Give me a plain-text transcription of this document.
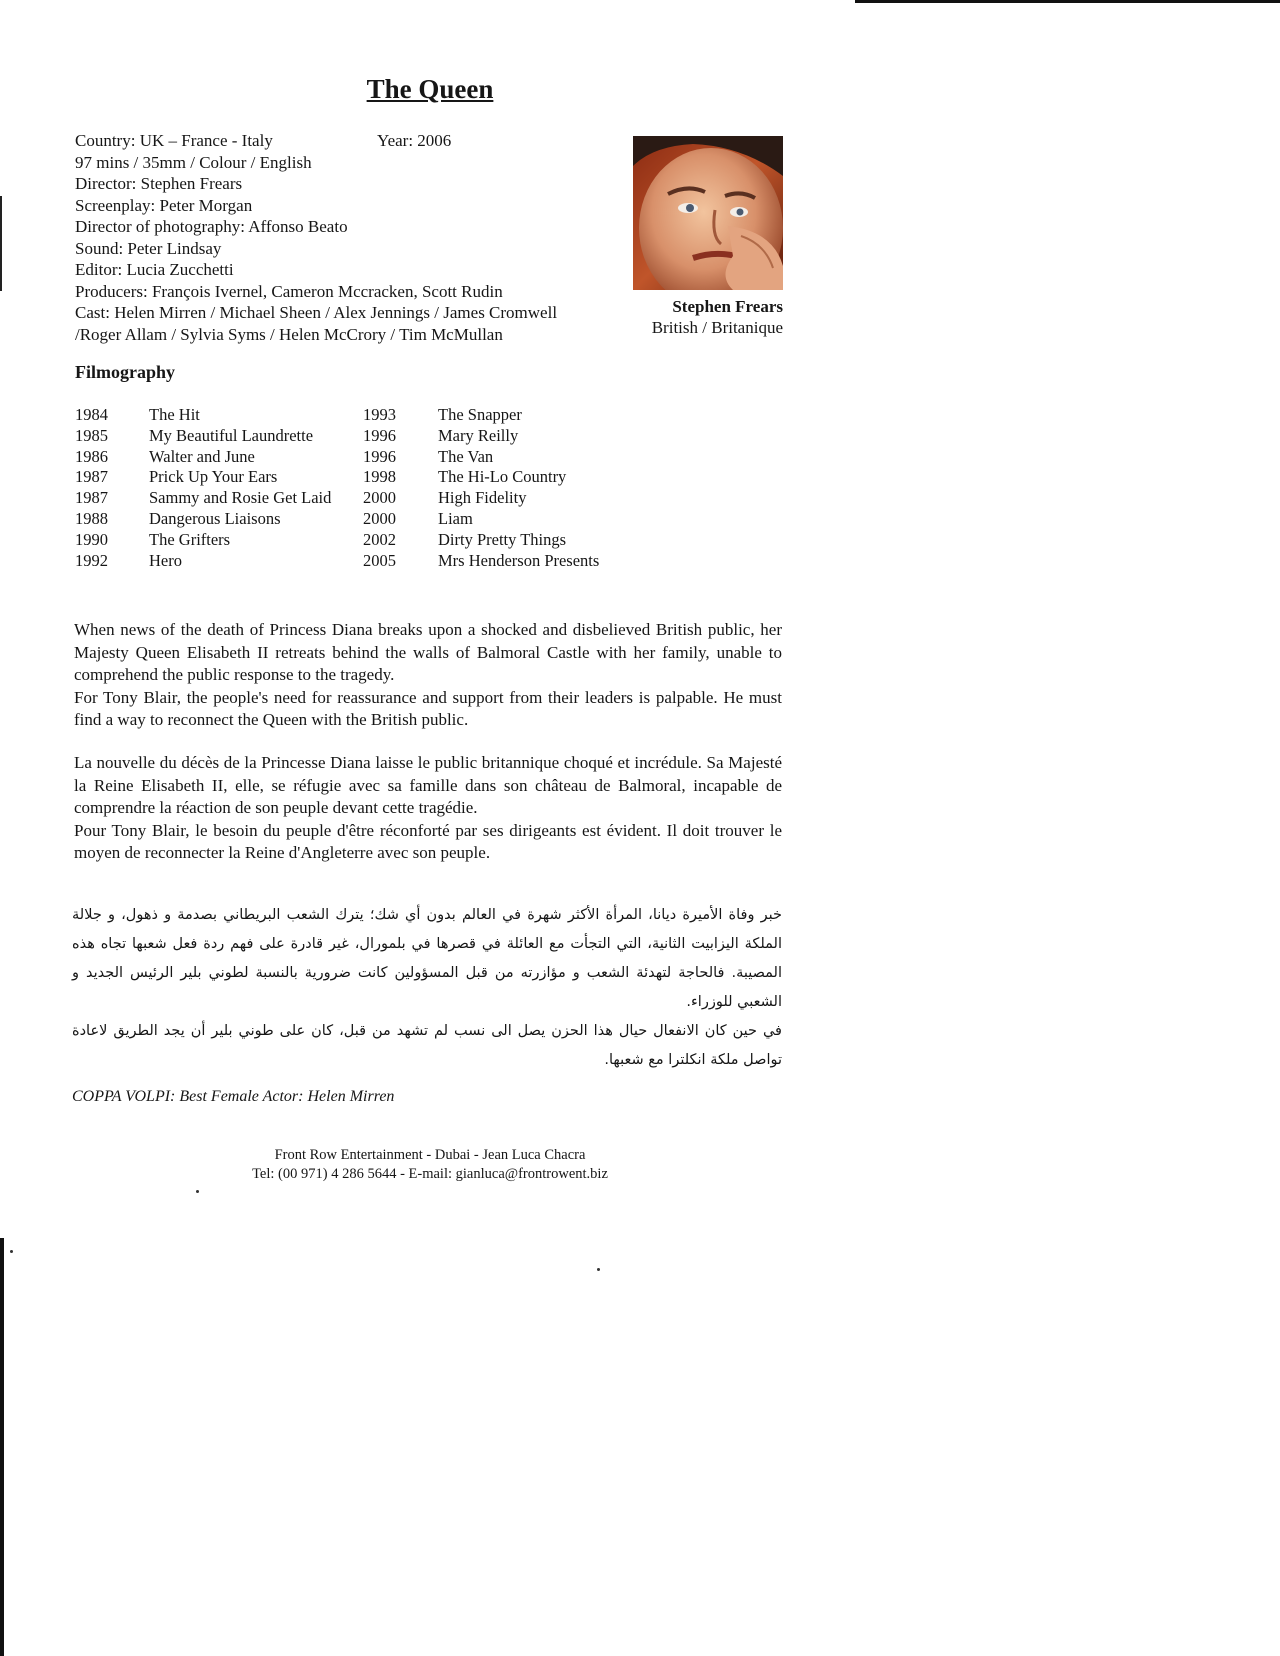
The Queen
Country: UK – France - Italy
97 mins / 35mm / Colour / English
Director: Stephen Frears
Screenplay: Peter Morgan
Director of photography: Affonso Beato
Sound: Peter Lindsay
Editor: Lucia Zucchetti
Producers: François Ivernel, Cameron Mccracken, Scott Rudin
Cast: Helen Mirren / Michael Sheen / Alex Jennings / James Cromwell
/Roger Allam / Sylvia Syms / Helen McCrory / Tim McMullan
Year: 2006
Stephen Frears
British / Britanique
Filmography
1984
1985
1986
1987
1987
1988
1990
1992
The Hit
My Beautiful Laundrette
Walter and June
Prick Up Your Ears
Sammy and Rosie Get Laid
Dangerous Liaisons
The Grifters
Hero
1993
1996
1996
1998
2000
2000
2002
2005
The Snapper
Mary Reilly
The Van
The Hi-Lo Country
High Fidelity
Liam
Dirty Pretty Things
Mrs Henderson Presents

When news of the death of Princess Diana breaks upon a shocked and disbelieved British public, her Majesty Queen Elisabeth II retreats behind the walls of Balmoral Castle with her family, unable to comprehend the public response to the tragedy.

For Tony Blair, the people's need for reassurance and support from their leaders is palpable. He must find a way to reconnect the Queen with the British public.

La nouvelle du décès de la Princesse Diana laisse le public britannique choqué et incrédule. Sa Majesté la Reine Elisabeth II, elle, se réfugie avec sa famille dans son château de Balmoral, incapable de comprendre la réaction de son peuple devant cette tragédie.

Pour Tony Blair, le besoin du peuple d'être réconforté par ses dirigeants est évident. Il doit trouver le moyen de reconnecter la Reine d'Angleterre avec son peuple.

خبر وفاة الأميرة ديانا، المرأة الأكثر شهرة في العالم بدون أي شك؛ يترك الشعب البريطاني بصدمة و ذهول، و جلالة الملكة اليزابيت الثانية، التي التجأت مع العائلة في قصرها في بلمورال، غير قادرة على فهم ردة فعل شعبها تجاه هذه المصيبة. فالحاجة لتهدئة الشعب و مؤازرته من قبل المسؤولين كانت ضرورية بالنسبة لطوني بلير الرئيس الجديد و الشعبي للوزراء.

في حين كان الانفعال حيال هذا الحزن يصل الى نسب لم تشهد من قبل، كان على طوني بلير أن يجد الطريق لاعادة تواصل ملكة انكلترا مع شعبها.

COPPA VOLPI: Best Female Actor: Helen Mirren
Front Row Entertainment - Dubai - Jean Luca Chacra
Tel: (00 971) 4 286 5644 - E-mail: gianluca@frontrowent.biz
